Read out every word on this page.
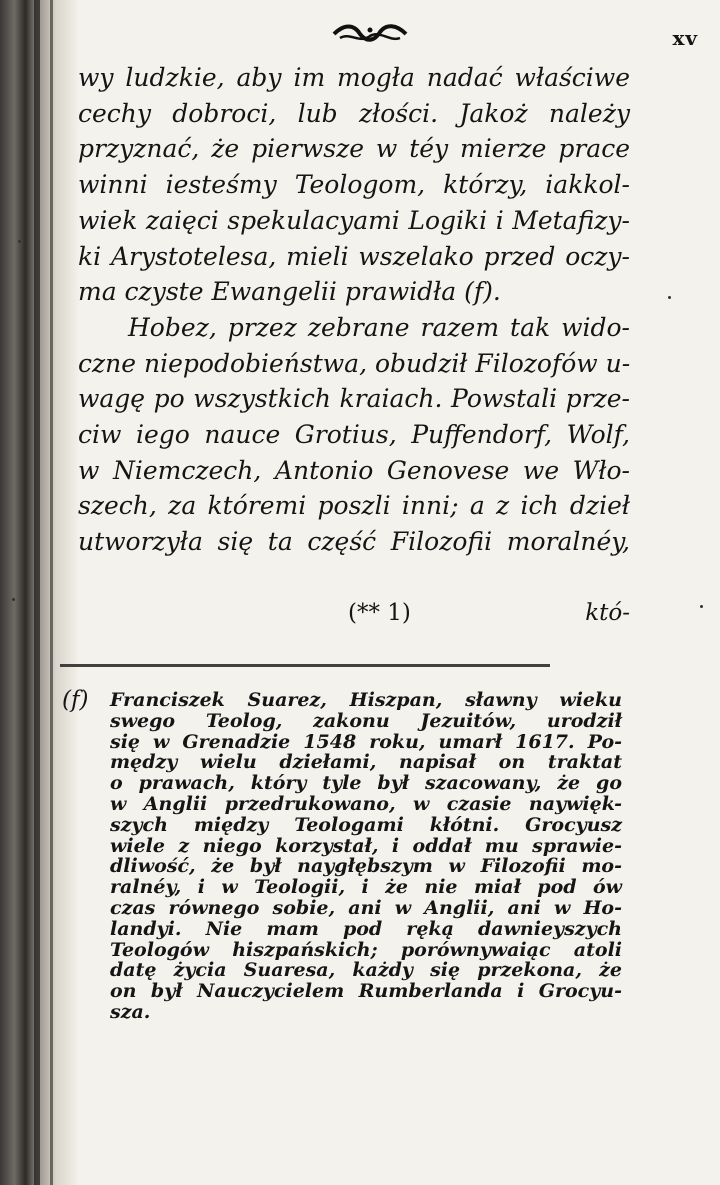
xv
wy ludzkie, aby im mogła nadać właściwe
cechy dobroci, lub złości. Jakoż należy
przyznać, że pierwsze w téy mierze prace
winni iesteśmy Teologom, którzy, iakkol-
wiek zaięci spekulacyami Logiki i Metafizy-
ki Arystotelesa, mieli wszelako przed oczy-
ma czyste Ewangelii prawidła (f).
Hobez, przez zebrane razem tak wido-
czne niepodobieństwa, obudził Filozofów u-
wagę po wszystkich kraiach. Powstali prze-
ciw iego nauce Grotius, Puffendorf, Wolf,
w Niemczech, Antonio Genovese we Wło-
szech, za któremi poszli inni; a z ich dzieł
utworzyła się ta część Filozofii moralnéy,
(** 1)	któ-
(f) Franciszek Suarez, Hiszpan, sławny wieku
swego Teolog, zakonu Jezuitów, urodził
się w Grenadzie 1548 roku, umarł 1617. Po-
mędzy wielu dziełami, napisał on traktat
o prawach, który tyle był szacowany, że go
w Anglii przedrukowano, w czasie naywięk-
szych między Teologami kłótni. Grocyusz
wiele z niego korzystał, i oddał mu sprawie-
dliwość, że był naygłębszym w Filozofii mo-
ralnéy, i w Teologii, i że nie miał pod ów
czas równego sobie, ani w Anglii, ani w Ho-
landyi. Nie mam pod ręką dawnieyszych
Teologów hiszpańskich; porównywaiąc atoli
datę życia Suaresa, każdy się przekona, że
on był Nauczycielem Rumberlanda i Grocyu-
sza.
